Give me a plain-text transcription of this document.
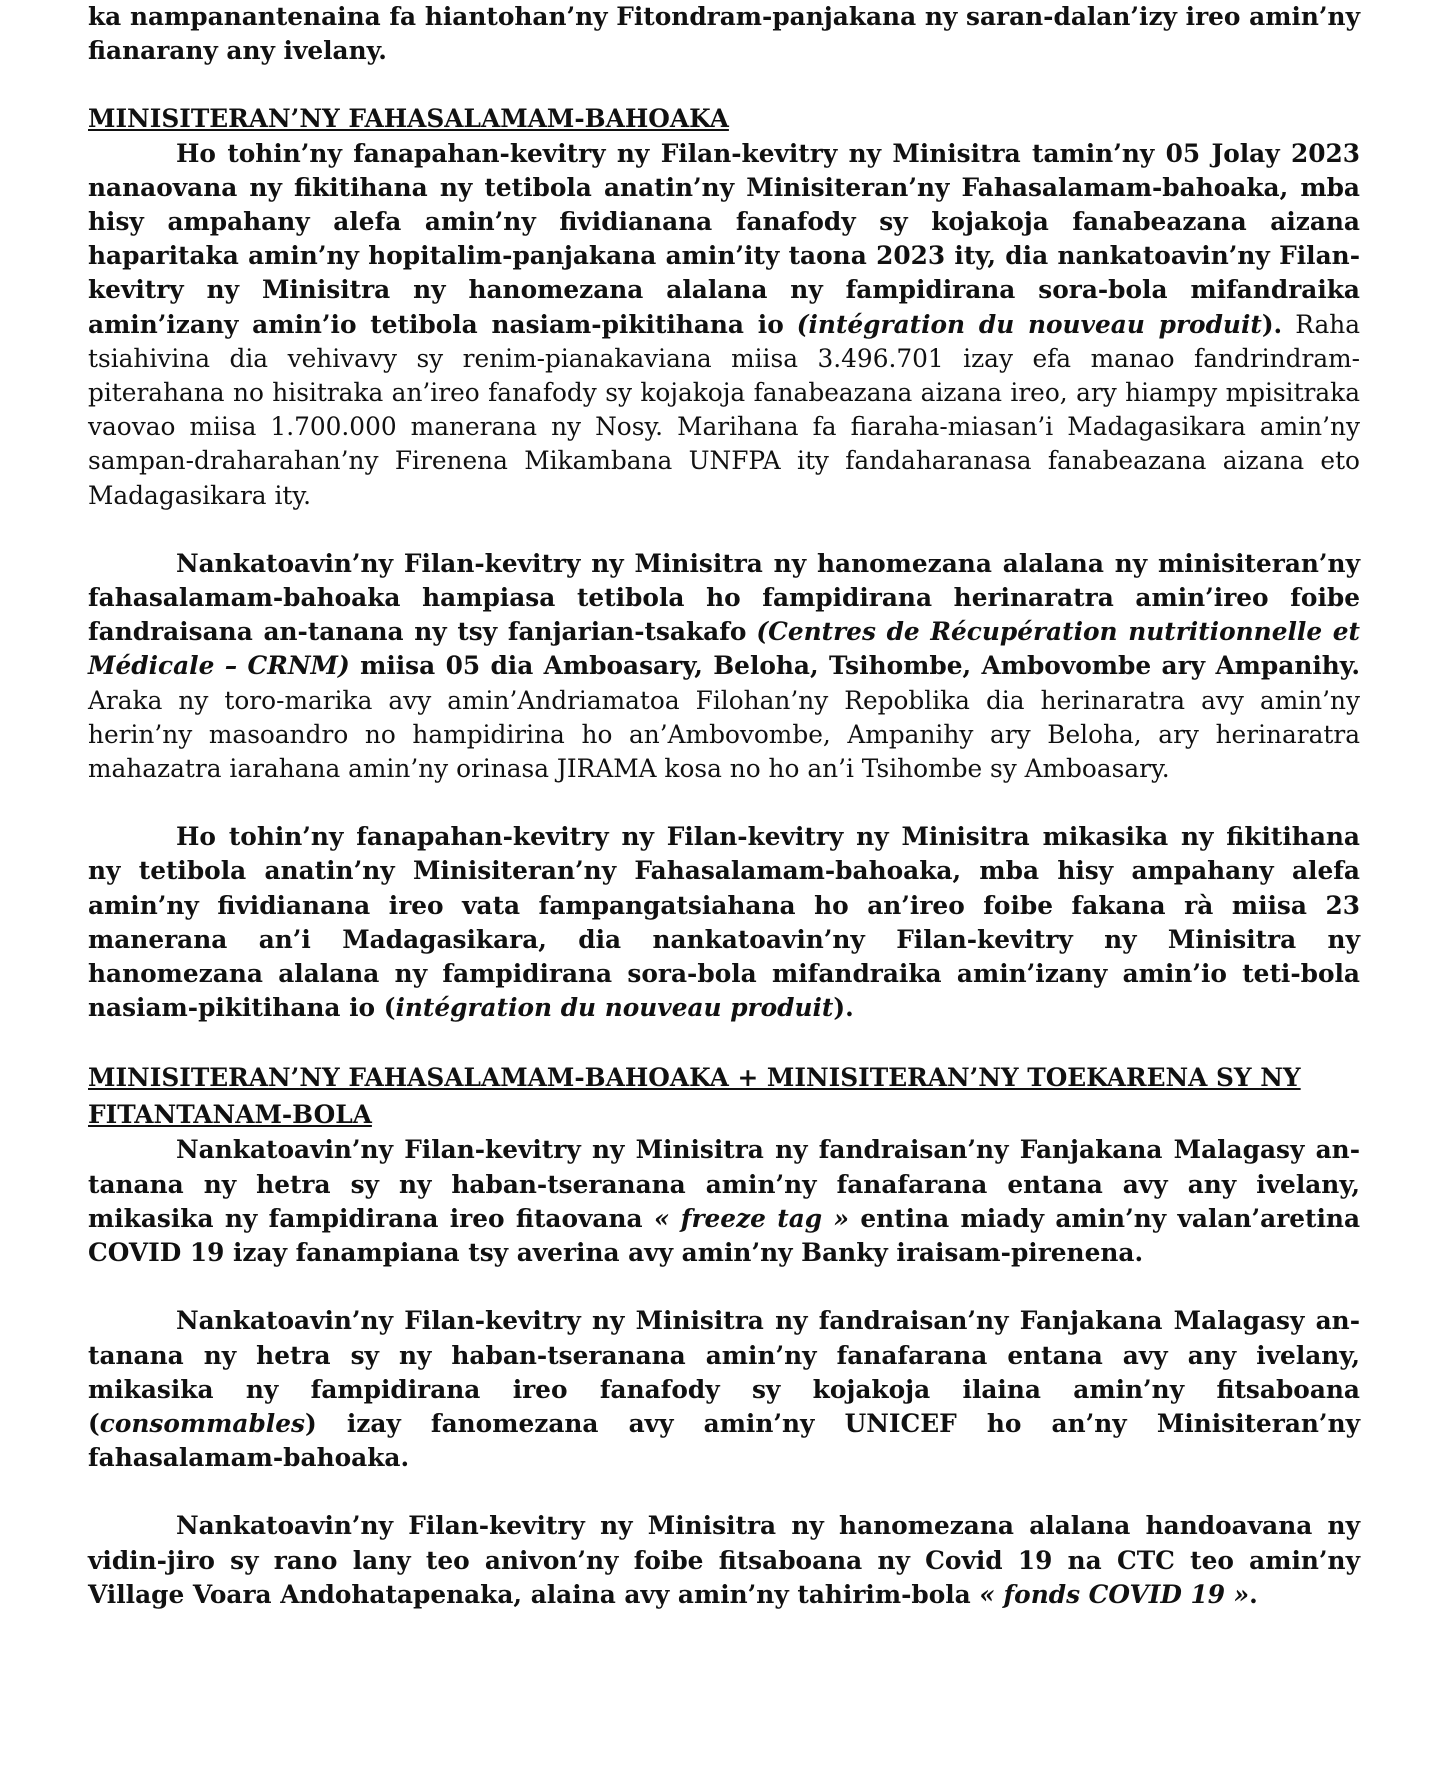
ka nampanantenaina fa hiantohan’ny Fitondram-panjakana ny saran-dalan’izy ireo amin’ny fianarany any ivelany.

MINISITERAN’NY FAHASALAMAM-BAHOAKA

Ho tohin’ny fanapahan-kevitry ny Filan-kevitry ny Minisitra tamin’ny 05 Jolay 2023 nanaovana ny fikitihana ny tetibola anatin’ny Minisiteran’ny Fahasalamam-bahoaka, mba hisy ampahany alefa amin’ny fividianana fanafody sy kojakoja fanabeazana aizana haparitaka amin’ny hopitalim-panjakana amin’ity taona 2023 ity, dia nankatoavin’ny Filan-kevitry ny Minisitra ny hanomezana alalana ny fampidirana sora-bola mifandraika amin’izany amin’io tetibola nasiam-pikitihana io (intégration du nouveau produit). Raha tsiahivina dia vehivavy sy renim-pianakaviana miisa 3.496.701 izay efa manao fandrindram-piterahana no hisitraka an’ireo fanafody sy kojakoja fanabeazana aizana ireo, ary hiampy mpisitraka vaovao miisa 1.700.000 manerana ny Nosy. Marihana fa fiaraha-miasan’i Madagasikara amin’ny sampan-draharahan’ny Firenena Mikambana UNFPA ity fandaharanasa fanabeazana aizana eto Madagasikara ity.

Nankatoavin’ny Filan-kevitry ny Minisitra ny hanomezana alalana ny minisiteran’ny fahasalamam-bahoaka hampiasa tetibola ho fampidirana herinaratra amin’ireo foibe fandraisana an-tanana ny tsy fanjarian-tsakafo (Centres de Récupération nutritionnelle et Médicale – CRNM) miisa 05 dia Amboasary, Beloha, Tsihombe, Ambovombe ary Ampanihy. Araka ny toro-marika avy amin’Andriamatoa Filohan’ny Repoblika dia herinaratra avy amin’ny herin’ny masoandro no hampidirina ho an’Ambovombe, Ampanihy ary Beloha, ary herinaratra mahazatra iarahana amin’ny orinasa JIRAMA kosa no ho an’i Tsihombe sy Amboasary.

Ho tohin’ny fanapahan-kevitry ny Filan-kevitry ny Minisitra mikasika ny fikitihana ny tetibola anatin’ny Minisiteran’ny Fahasalamam-bahoaka, mba hisy ampahany alefa amin’ny fividianana ireo vata fampangatsiahana ho an’ireo foibe fakana rà miisa 23 manerana an’i Madagasikara, dia nankatoavin’ny Filan-kevitry ny Minisitra ny hanomezana alalana ny fampidirana sora-bola mifandraika amin’izany amin’io teti-bola nasiam-pikitihana io (intégration du nouveau produit).

MINISITERAN’NY FAHASALAMAM-BAHOAKA + MINISITERAN’NY TOEKARENA SY NY FITANTANAM-BOLA

Nankatoavin’ny Filan-kevitry ny Minisitra ny fandraisan’ny Fanjakana Malagasy an-tanana ny hetra sy ny haban-tseranana amin’ny fanafarana entana avy any ivelany, mikasika ny fampidirana ireo fitaovana « freeze tag » entina miady amin’ny valan’aretina COVID 19 izay fanampiana tsy averina avy amin’ny Banky iraisam-pirenena.

Nankatoavin’ny Filan-kevitry ny Minisitra ny fandraisan’ny Fanjakana Malagasy an-tanana ny hetra sy ny haban-tseranana amin’ny fanafarana entana avy any ivelany, mikasika ny fampidirana ireo fanafody sy kojakoja ilaina amin’ny fitsaboana (consommables) izay fanomezana avy amin’ny UNICEF ho an’ny Minisiteran’ny fahasalamam-bahoaka.

Nankatoavin’ny Filan-kevitry ny Minisitra ny hanomezana alalana handoavana ny vidin-jiro sy rano lany teo anivon’ny foibe fitsaboana ny Covid 19 na CTC teo amin’ny Village Voara Andohatapenaka, alaina avy amin’ny tahirim-bola « fonds COVID 19 ».
